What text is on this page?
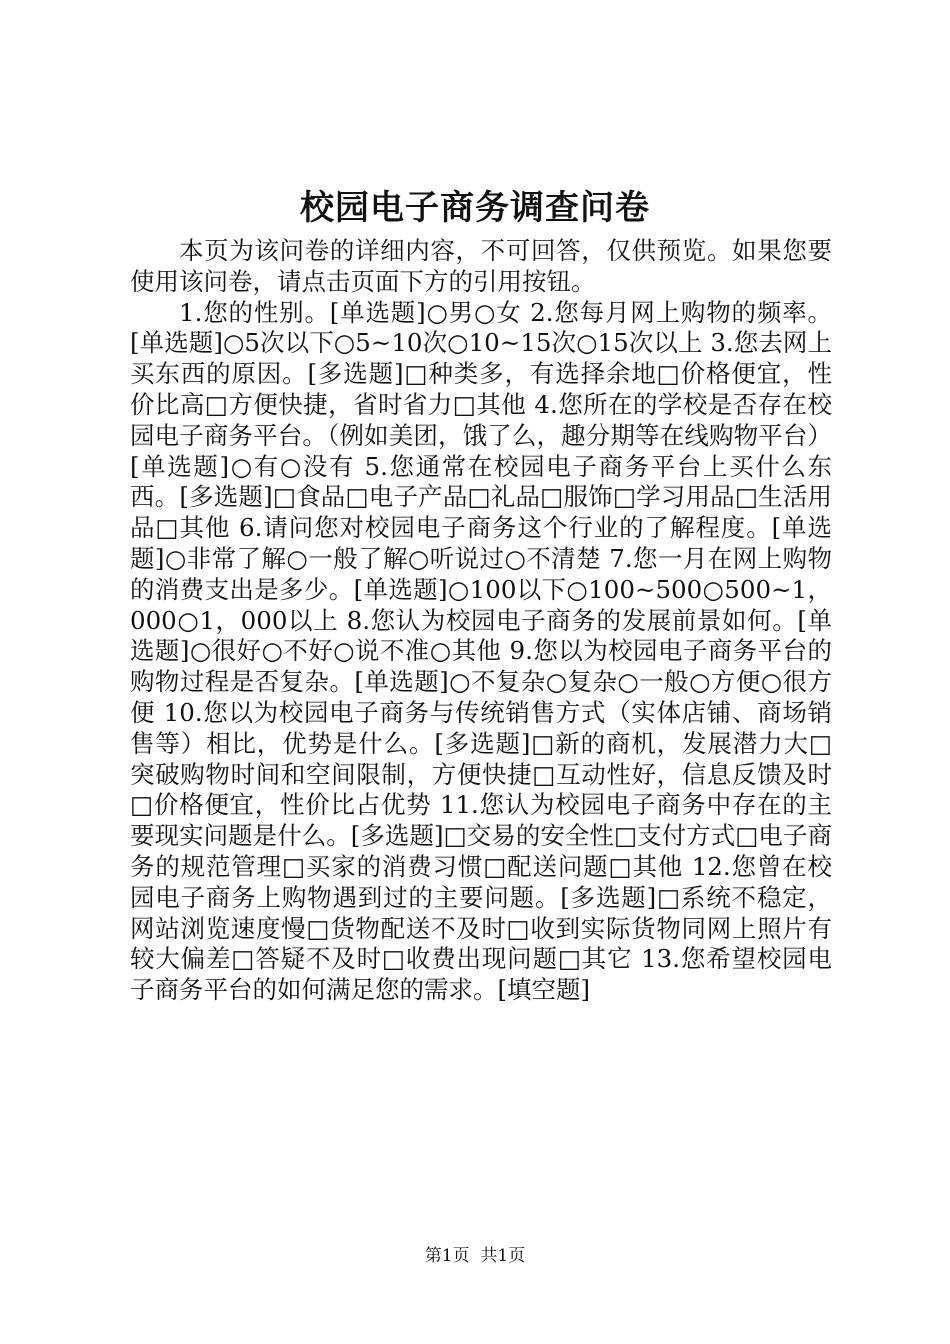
校园电子商务调查问卷

本页为该问卷的详细内容，不可回答，仅供预览。如果您要使用该问卷，请点击页面下方的引用按钮。

1.您的性别。[单选题]○男○女 2.您每月网上购物的频率。[单选题]○5次以下○5~10次○10~15次○15次以上 3.您去网上买东西的原因。[多选题]□种类多，有选择余地□价格便宜，性价比高□方便快捷，省时省力□其他 4.您所在的学校是否存在校园电子商务平台。（例如美团，饿了么，趣分期等在线购物平台）[单选题]○有○没有 5.您通常在校园电子商务平台上买什么东西。[多选题]□食品□电子产品□礼品□服饰□学习用品□生活用品□其他 6.请问您对校园电子商务这个行业的了解程度。[单选题]○非常了解○一般了解○听说过○不清楚 7.您一月在网上购物的消费支出是多少。[单选题]○100以下○100~500○500~1，000○1，000以上 8.您认为校园电子商务的发展前景如何。[单选题]○很好○不好○说不准○其他 9.您以为校园电子商务平台的购物过程是否复杂。[单选题]○不复杂○复杂○一般○方便○很方便 10.您以为校园电子商务与传统销售方式（实体店铺、商场销售等）相比，优势是什么。[多选题]□新的商机，发展潜力大□突破购物时间和空间限制，方便快捷□互动性好，信息反馈及时□价格便宜，性价比占优势 11.您认为校园电子商务中存在的主要现实问题是什么。[多选题]□交易的安全性□支付方式□电子商务的规范管理□买家的消费习惯□配送问题□其他 12.您曾在校园电子商务上购物遇到过的主要问题。[多选题]□系统不稳定，网站浏览速度慢□货物配送不及时□收到实际货物同网上照片有较大偏差□答疑不及时□收费出现问题□其它 13.您希望校园电子商务平台的如何满足您的需求。[填空题]

第1页 共1页
